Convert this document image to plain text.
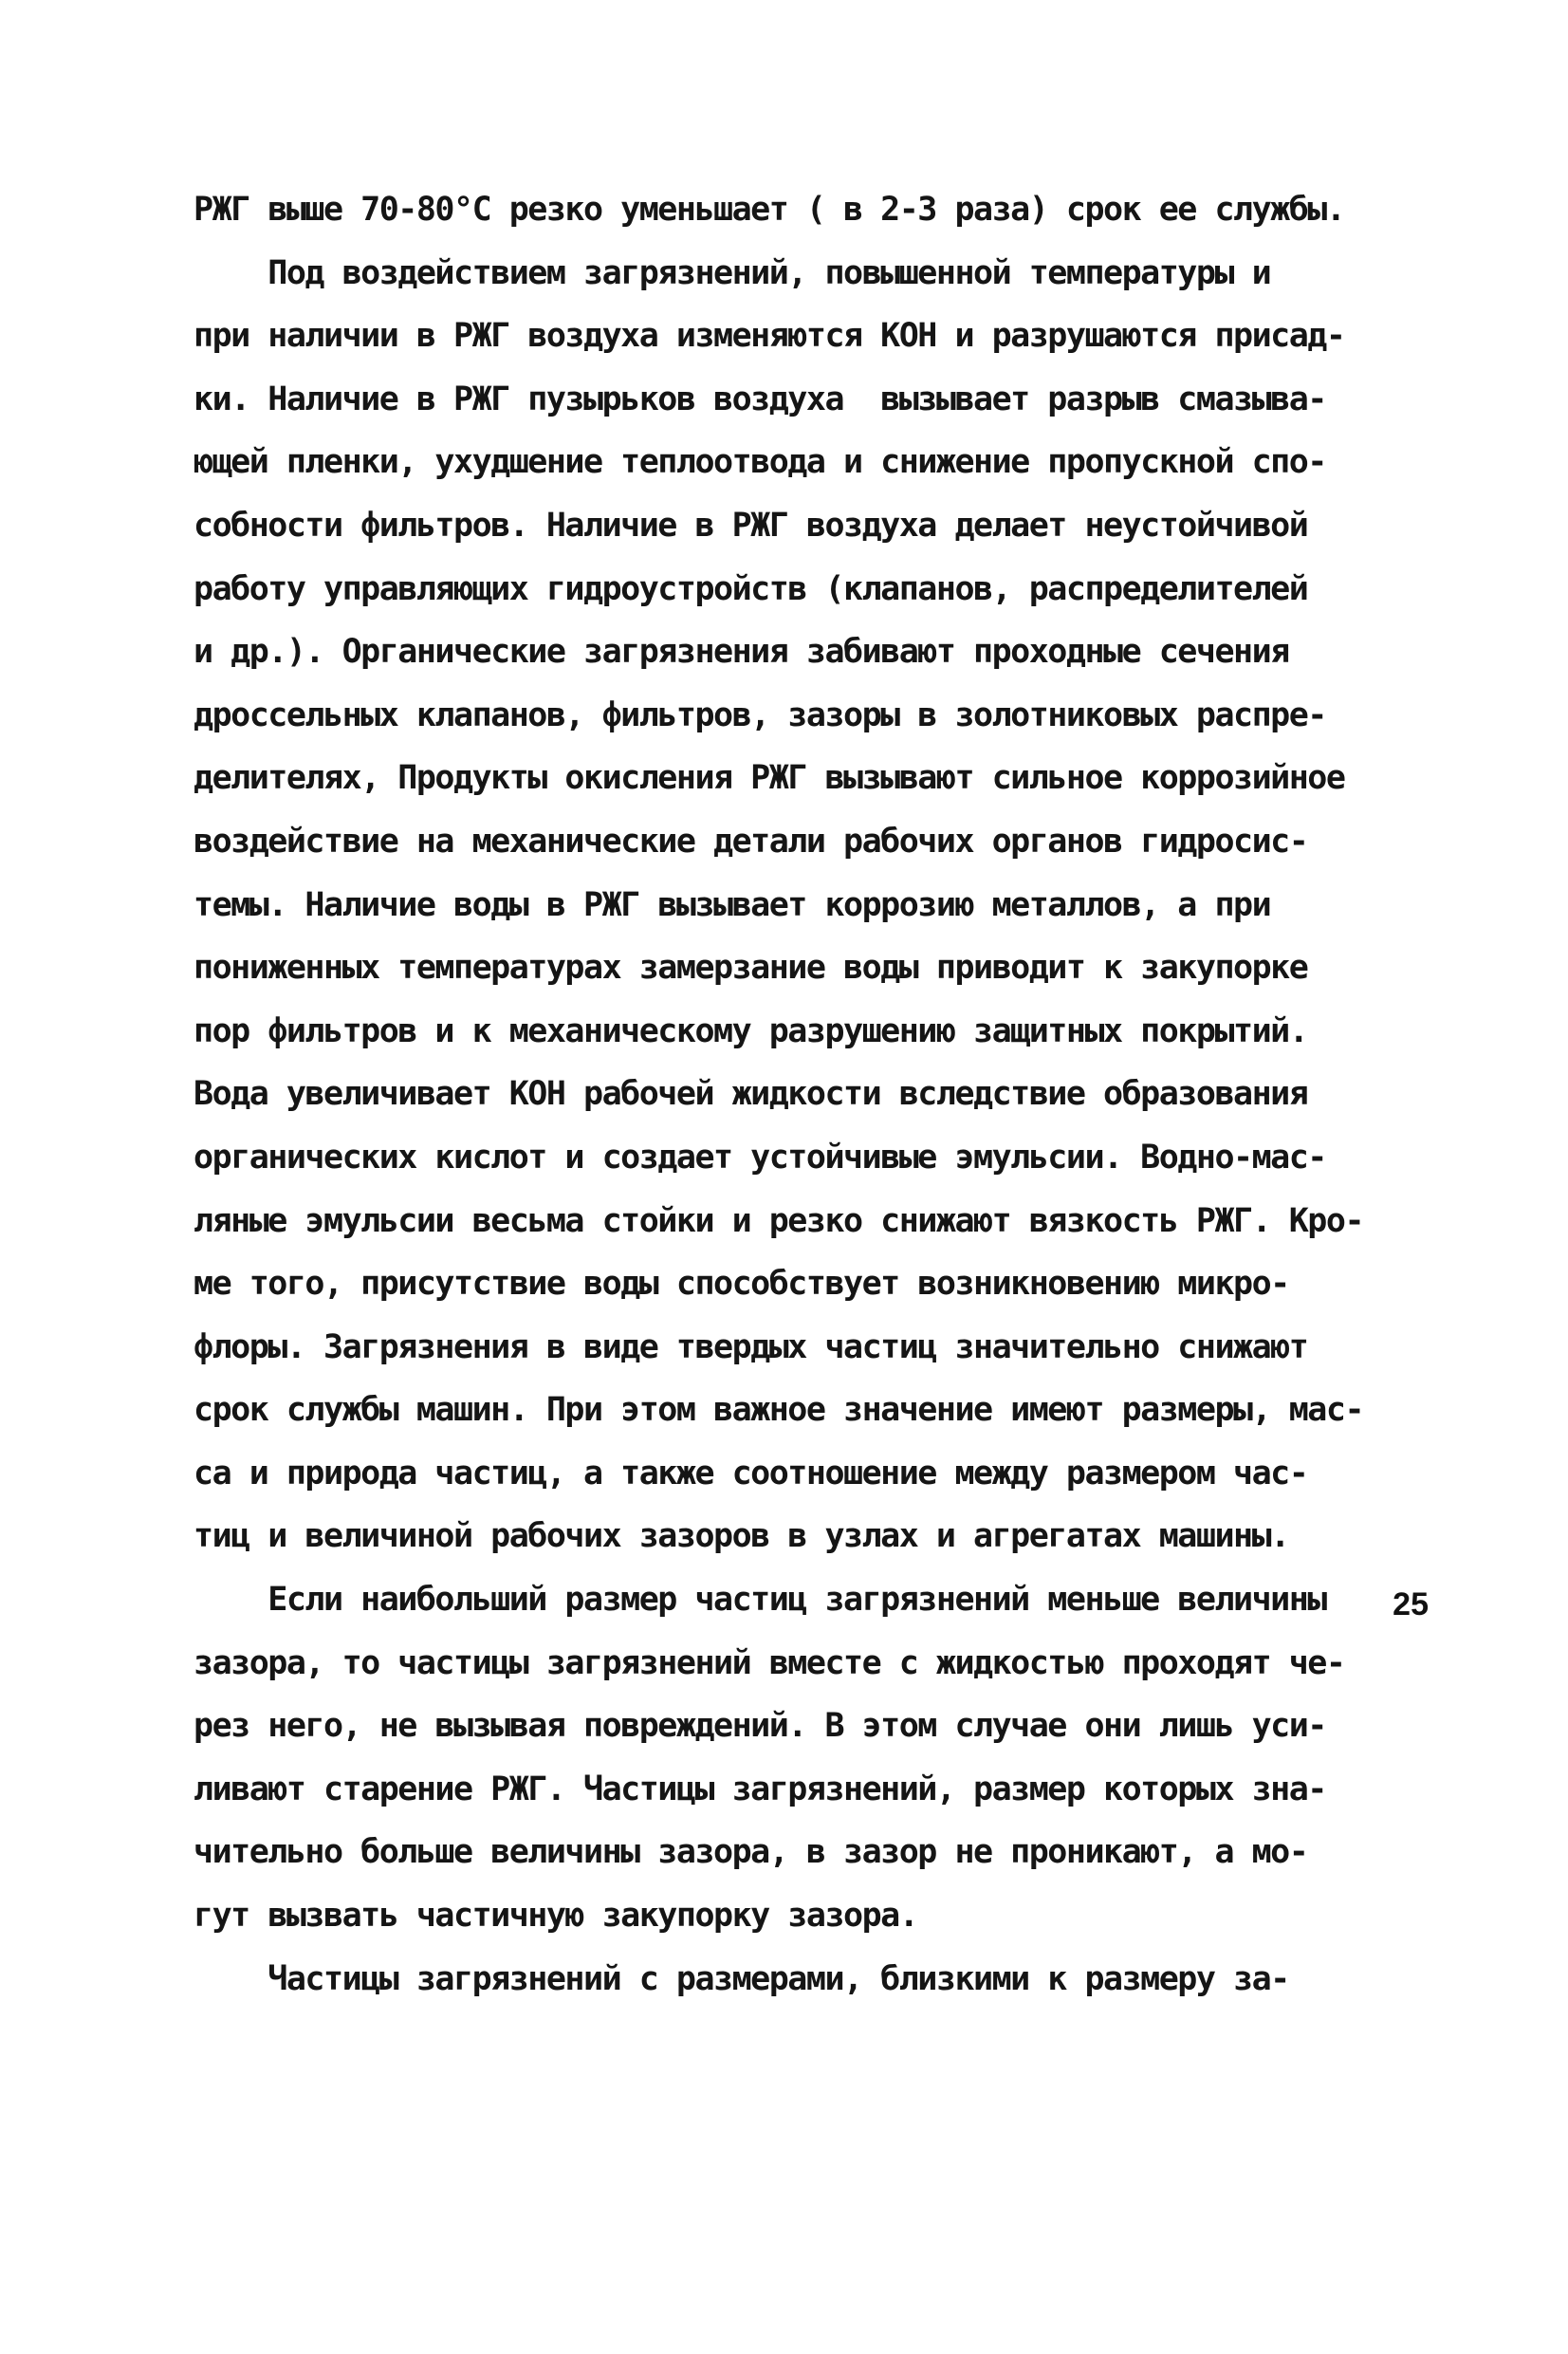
РЖГ выше 70-80°С резко уменьшает ( в 2-3 раза) срок ее службы.
Под воздействием загрязнений, повышенной температуры и
при наличии в РЖГ воздуха изменяются КОН и разрушаются присад-
ки. Наличие в РЖГ пузырьков воздуха  вызывает разрыв смазыва-
ющей пленки, ухудшение теплоотвода и снижение пропускной спо-
собности фильтров. Наличие в РЖГ воздуха делает неустойчивой
работу управляющих гидроустройств (клапанов, распределителей
и др.). Органические загрязнения забивают проходные сечения
дроссельных клапанов, фильтров, зазоры в золотниковых распре-
делителях, Продукты окисления РЖГ вызывают сильное коррозийное
воздействие на механические детали рабочих органов гидросис-
темы. Наличие воды в РЖГ вызывает коррозию металлов, а при
пониженных температурах замерзание воды приводит к закупорке
пор фильтров и к механическому разрушению защитных покрытий.
Вода увеличивает КОН рабочей жидкости вследствие образования
органических кислот и создает устойчивые эмульсии. Водно-мас-
ляные эмульсии весьма стойки и резко снижают вязкость РЖГ. Кро-
ме того, присутствие воды способствует возникновению микро-
флоры. Загрязнения в виде твердых частиц значительно снижают
срок службы машин. При этом важное значение имеют размеры, мас-
са и природа частиц, а также соотношение между размером час-
тиц и величиной рабочих зазоров в узлах и агрегатах машины.
Если наибольший размер частиц загрязнений меньше величины
зазора, то частицы загрязнений вместе с жидкостью проходят че-
рез него, не вызывая повреждений. В этом случае они лишь уси-
ливают старение РЖГ. Частицы загрязнений, размер которых зна-
чительно больше величины зазора, в зазор не проникают, а мо-
гут вызвать частичную закупорку зазора.
Частицы загрязнений с размерами, близкими к размеру за-
25
